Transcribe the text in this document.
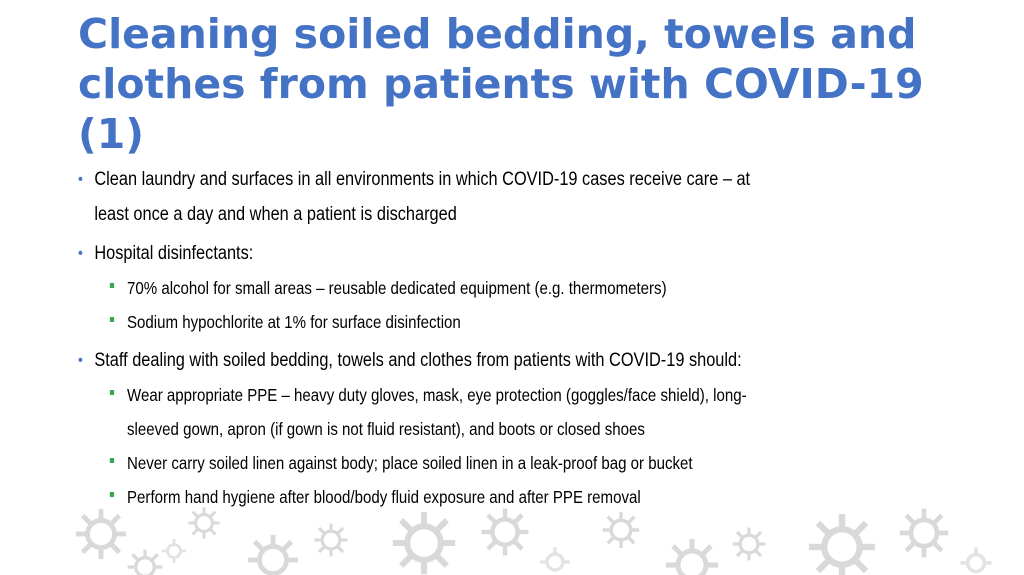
Cleaning soiled bedding, towels and clothes from patients with COVID-19 (1)
• Clean laundry and surfaces in all environments in which COVID-19 cases receive care – at
least once a day and when a patient is discharged
• Hospital disinfectants:
70% alcohol for small areas – reusable dedicated equipment (e.g. thermometers)
Sodium hypochlorite at 1% for surface disinfection
• Staff dealing with soiled bedding, towels and clothes from patients with COVID-19 should:
Wear appropriate PPE – heavy duty gloves, mask, eye protection (goggles/face shield), long-
sleeved gown, apron (if gown is not fluid resistant), and boots or closed shoes
Never carry soiled linen against body; place soiled linen in a leak-proof bag or bucket
Perform hand hygiene after blood/body fluid exposure and after PPE removal
